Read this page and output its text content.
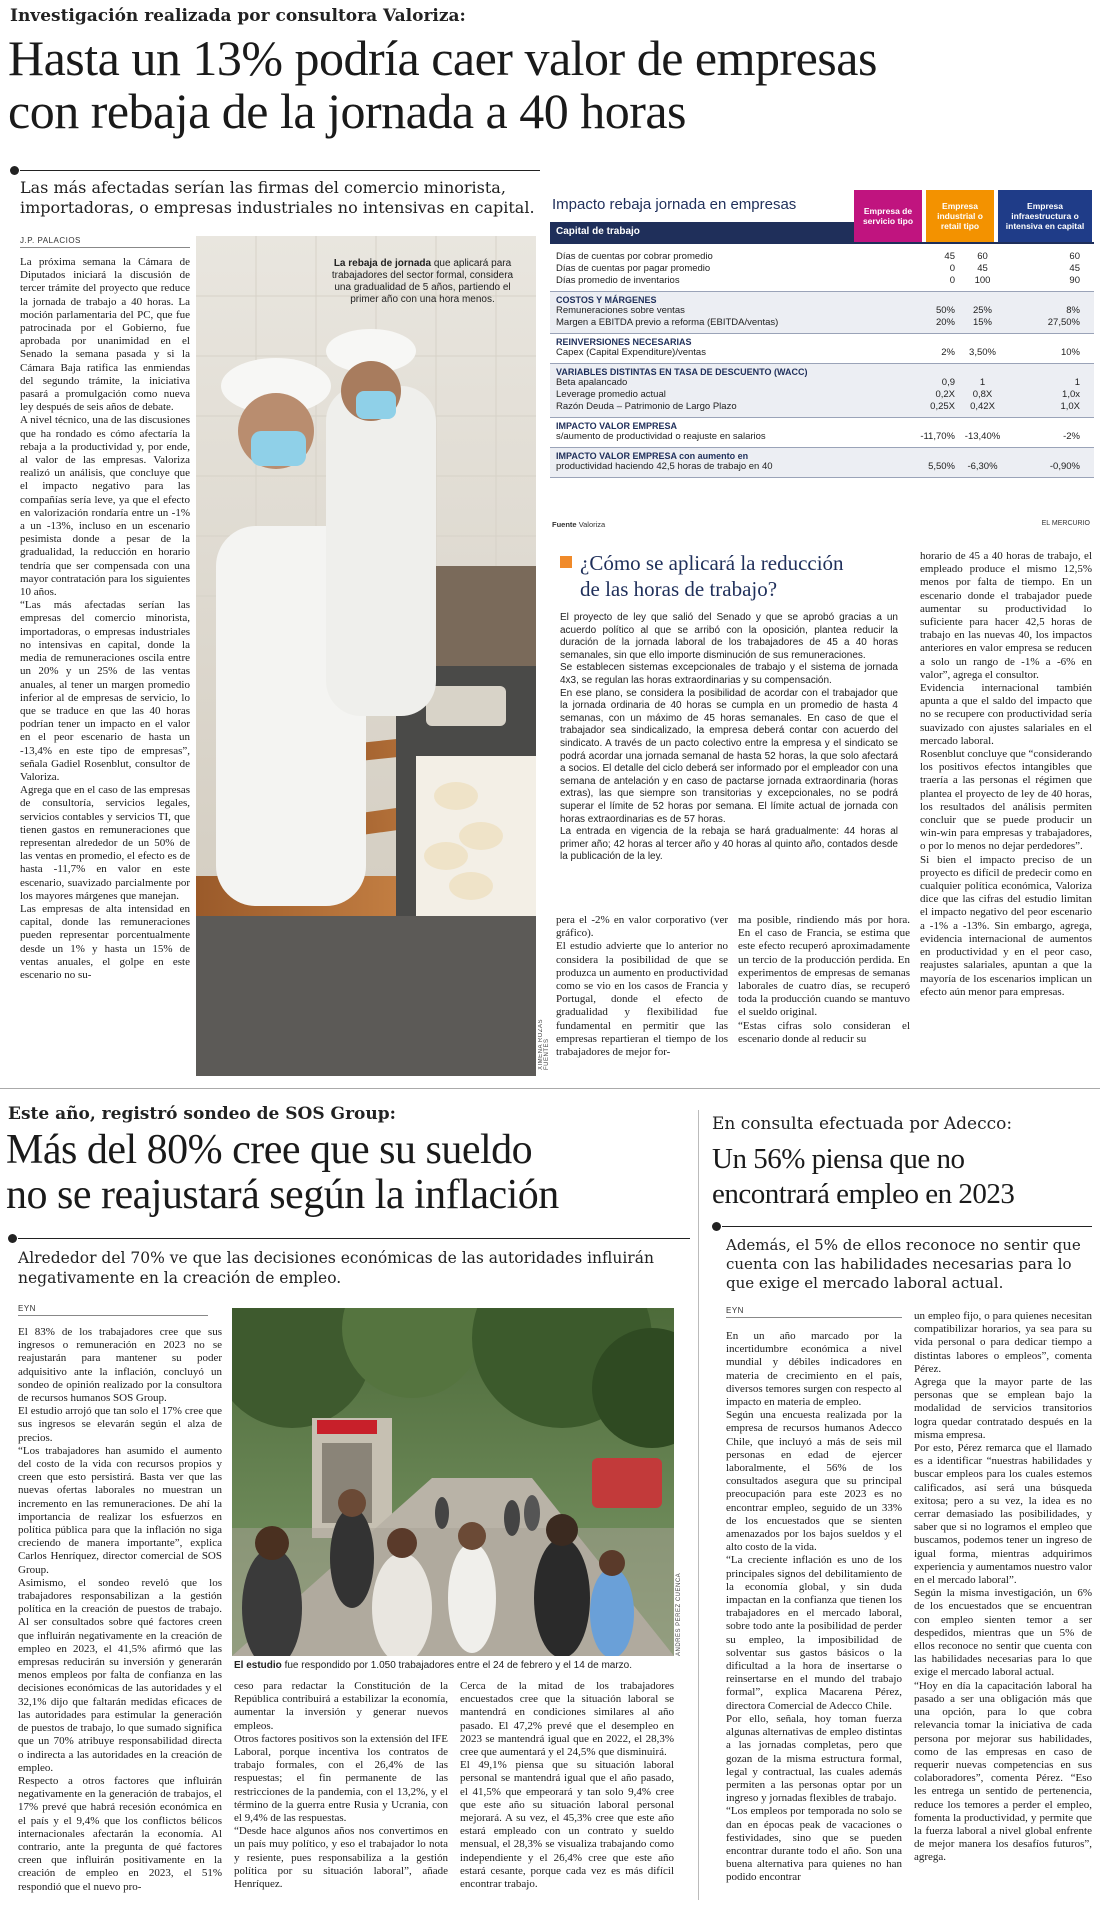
Investigación realizada por consultora Valoriza:
Hasta un 13% podría caer valor de empresas
con rebaja de la jornada a 40 horas
Las más afectadas serían las firmas del comercio minorista, importadoras, o empresas industriales no intensivas en capital.
J.P. PALACIOS
La próxima semana la Cámara de Diputados iniciará la discusión de tercer trámite del proyecto que reduce la jornada de trabajo a 40 horas. La moción parlamentaria del PC, que fue patrocinada por el Gobierno, fue aprobada por unanimidad en el Senado la semana pasada y si la Cámara Baja ratifica las enmiendas del segundo trámite, la iniciativa pasará a promulgación como nueva ley después de seis años de debate.
A nivel técnico, una de las discusiones que ha rondado es cómo afectaría la rebaja a la productividad y, por ende, al valor de las empresas. Valoriza realizó un análisis, que concluye que el impacto negativo para las compañías sería leve, ya que el efecto en valorización rondaría entre un -1% a un -13%, incluso en un escenario pesimista donde a pesar de la gradualidad, la reducción en horario tendría que ser compensada con una mayor contratación para los siguientes 10 años.
“Las más afectadas serían las empresas del comercio minorista, importadoras, o empresas industriales no intensivas en capital, donde la media de remuneraciones oscila entre un 20% y un 25% de las ventas anuales, al tener un margen promedio inferior al de empresas de servicio, lo que se traduce en que las 40 horas podrían tener un impacto en el valor en el peor escenario de hasta un -13,4% en este tipo de empresas”, señala Gadiel Rosenblut, consultor de Valoriza.
Agrega que en el caso de las empresas de consultoría, servicios legales, servicios contables y servicios TI, que tienen gastos en remuneraciones que representan alrededor de un 50% de las ventas en promedio, el efecto es de hasta -11,7% en valor en este escenario, suavizado parcialmente por los mayores márgenes que manejan.
Las empresas de alta intensidad en capital, donde las remuneraciones pueden representar porcentualmente desde un 1% y hasta un 15% de ventas anuales, el golpe en este escenario no su-
La rebaja de jornada que aplicará para trabajadores del sector formal, considera una gradualidad de 5 años, partiendo el primer año con una hora menos.
XIMENA ROZAS FUENTES
Impacto rebaja jornada en empresas	Empresa de servicio tipo
Empresa industrial o retail tipo
Empresa infraestructura o intensiva en capital
Capital de trabajo
Días de cuentas por cobrar promedio	45	60	60
Días de cuentas por pagar promedio	0	45	45
Días promedio de inventarios	0	100	90
COSTOS Y MÁRGENES
Remuneraciones sobre ventas	50%	25%	8%
Margen a EBITDA previo a reforma (EBITDA/ventas)	20%	15%	27,50%
REINVERSIONES NECESARIAS
Capex (Capital Expenditure)/ventas	2%	3,50%	10%
VARIABLES DISTINTAS EN TASA DE DESCUENTO (WACC)
Beta apalancado	0,9	1	1
Leverage promedio actual	0,2X	0,8X	1,0x
Razón Deuda – Patrimonio de Largo Plazo	0,25X	0,42X	1,0X
IMPACTO VALOR EMPRESA
s/aumento de productividad o reajuste en salarios	-11,70%	-13,40%	-2%
IMPACTO VALOR EMPRESA con aumento en
productividad haciendo 42,5 horas de trabajo en 40	5,50%	-6,30%	-0,90%
Fuente Valoriza	EL MERCURIO
¿Cómo se aplicará la reducción
de las horas de trabajo?
El proyecto de ley que salió del Senado y que se aprobó gracias a un acuerdo político al que se arribó con la oposición, plantea reducir la duración de la jornada laboral de los trabajadores de 45 a 40 horas semanales, sin que ello importe disminución de sus remuneraciones.
Se establecen sistemas excepcionales de trabajo y el sistema de jornada 4x3, se regulan las horas extraordinarias y su compensación.
En ese plano, se considera la posibilidad de acordar con el trabajador que la jornada ordinaria de 40 horas se cumpla en un promedio de hasta 4 semanas, con un máximo de 45 horas semanales. En caso de que el trabajador sea sindicalizado, la empresa deberá contar con acuerdo del sindicato. A través de un pacto colectivo entre la empresa y el sindicato se podrá acordar una jornada semanal de hasta 52 horas, la que solo afectará a socios. El detalle del ciclo deberá ser informado por el empleador con una semana de antelación y en caso de pactarse jornada extraordinaria (horas extras), las que siempre son transitorias y excepcionales, no se podrá superar el límite de 52 horas por semana. El límite actual de jornada con horas extraordinarias es de 57 horas.
La entrada en vigencia de la rebaja se hará gradualmente: 44 horas al primer año; 42 horas al tercer año y 40 horas al quinto año, contados desde la publicación de la ley.
pera el -2% en valor corporativo (ver gráfico).
El estudio advierte que lo anterior no considera la posibilidad de que se produzca un aumento en productividad como se vio en los casos de Francia y Portugal, donde el efecto de gradualidad y flexibilidad fue fundamental en permitir que las empresas repartieran el tiempo de los trabajadores de mejor for-
ma posible, rindiendo más por hora. En el caso de Francia, se estima que este efecto recuperó aproximadamente un tercio de la producción perdida. En experimentos de empresas de semanas laborales de cuatro días, se recuperó toda la producción cuando se mantuvo el sueldo original.
“Estas cifras solo consideran el escenario donde al reducir su
horario de 45 a 40 horas de trabajo, el empleado produce el mismo 12,5% menos por falta de tiempo. En un escenario donde el trabajador puede aumentar su productividad lo suficiente para hacer 42,5 horas de trabajo en las nuevas 40, los impactos anteriores en valor empresa se reducen a solo un rango de -1% a -6% en valor”, agrega el consultor.
Evidencia internacional también apunta a que el saldo del impacto que no se recupere con productividad sería suavizado con ajustes salariales en el mercado laboral.
Rosenblut concluye que “considerando los positivos efectos intangibles que traería a las personas el régimen que plantea el proyecto de ley de 40 horas, los resultados del análisis permiten concluir que se puede producir un win-win para empresas y trabajadores, o por lo menos no dejar perdedores”.
Si bien el impacto preciso de un proyecto es difícil de predecir como en cualquier política económica, Valoriza dice que las cifras del estudio limitan el impacto negativo del peor escenario a -1% a -13%. Sin embargo, agrega, evidencia internacional de aumentos en productividad y en el peor caso, reajustes salariales, apuntan a que la mayoría de los escenarios implican un efecto aún menor para empresas.
Este año, registró sondeo de SOS Group:
Más del 80% cree que su sueldo
no se reajustará según la inflación
Alrededor del 70% ve que las decisiones económicas de las autoridades influirán negativamente en la creación de empleo.
EYN
El 83% de los trabajadores cree que sus ingresos o remuneración en 2023 no se reajustarán para mantener su poder adquisitivo ante la inflación, concluyó un sondeo de opinión realizado por la consultora de recursos humanos SOS Group.
El estudio arrojó que tan solo el 17% cree que sus ingresos se elevarán según el alza de precios.
“Los trabajadores han asumido el aumento del costo de la vida con recursos propios y creen que esto persistirá. Basta ver que las nuevas ofertas laborales no muestran un incremento en las remuneraciones. De ahí la importancia de realizar los esfuerzos en política pública para que la inflación no siga creciendo de manera importante”, explica Carlos Henríquez, director comercial de SOS Group.
Asimismo, el sondeo reveló que los trabajadores responsabilizan a la gestión política en la creación de puestos de trabajo. Al ser consultados sobre qué factores creen que influirán negativamente en la creación de empleo en 2023, el 41,5% afirmó que las empresas reducirán su inversión y generarán menos empleos por falta de confianza en las decisiones económicas de las autoridades y el 32,1% dijo que faltarán medidas eficaces de las autoridades para estimular la generación de puestos de trabajo, lo que sumado significa que un 70% atribuye responsabilidad directa o indirecta a las autoridades en la creación de empleo.
Respecto a otros factores que influirán negativamente en la generación de trabajos, el 17% prevé que habrá recesión económica en el país y el 9,4% que los conflictos bélicos internacionales afectarán la economía. Al contrario, ante la pregunta de qué factores creen que influirán positivamente en la creación de empleo en 2023, el 51% respondió que el nuevo pro-
El estudio fue respondido por 1.050 trabajadores entre el 24 de febrero y el 14 de marzo.
ANDRÉS PÉREZ CUENCA
ceso para redactar la Constitución de la República contribuirá a estabilizar la economía, aumentar la inversión y generar nuevos empleos.
Otros factores positivos son la extensión del IFE Laboral, porque incentiva los contratos de trabajo formales, con el 26,4% de las respuestas; el fin permanente de las restricciones de la pandemia, con el 13,2%, y el término de la guerra entre Rusia y Ucrania, con el 9,4% de las respuestas.
“Desde hace algunos años nos convertimos en un país muy político, y eso el trabajador lo nota y resiente, pues responsabiliza a la gestión política por su situación laboral”, añade Henríquez.
Cerca de la mitad de los trabajadores encuestados cree que la situación laboral se mantendrá en condiciones similares al año pasado. El 47,2% prevé que el desempleo en 2023 se mantendrá igual que en 2022, el 28,3% cree que aumentará y el 24,5% que disminuirá.
El 49,1% piensa que su situación laboral personal se mantendrá igual que el año pasado, el 41,5% que empeorará y tan solo 9,4% cree que este año su situación laboral personal mejorará. A su vez, el 45,3% cree que este año estará empleado con un contrato y sueldo mensual, el 28,3% se visualiza trabajando como independiente y el 26,4% cree que este año estará cesante, porque cada vez es más difícil encontrar trabajo.
En consulta efectuada por Adecco:
Un 56% piensa que no
encontrará empleo en 2023
Además, el 5% de ellos reconoce no sentir que cuenta con las habilidades necesarias para lo que exige el mercado laboral actual.
EYN
En un año marcado por la incertidumbre económica a nivel mundial y débiles indicadores en materia de crecimiento en el país, diversos temores surgen con respecto al impacto en materia de empleo.
Según una encuesta realizada por la empresa de recursos humanos Adecco Chile, que incluyó a más de seis mil personas en edad de ejercer laboralmente, el 56% de los consultados asegura que su principal preocupación para este 2023 es no encontrar empleo, seguido de un 33% de los encuestados que se sienten amenazados por los bajos sueldos y el alto costo de la vida.
“La creciente inflación es uno de los principales signos del debilitamiento de la economía global, y sin duda impactan en la confianza que tienen los trabajadores en el mercado laboral, sobre todo ante la posibilidad de perder su empleo, la imposibilidad de solventar sus gastos básicos o la dificultad a la hora de insertarse o reinsertarse en el mundo del trabajo formal”, explica Macarena Pérez, directora Comercial de Adecco Chile.
Por ello, señala, hoy toman fuerza algunas alternativas de empleo distintas a las jornadas completas, pero que gozan de la misma estructura formal, legal y contractual, las cuales además permiten a las personas optar por un ingreso y jornadas flexibles de trabajo.
“Los empleos por temporada no solo se dan en épocas peak de vacaciones o festividades, sino que se pueden encontrar durante todo el año. Son una buena alternativa para quienes no han podido encontrar
un empleo fijo, o para quienes necesitan compatibilizar horarios, ya sea para su vida personal o para dedicar tiempo a distintas labores o empleos”, comenta Pérez.
Agrega que la mayor parte de las personas que se emplean bajo la modalidad de servicios transitorios logra quedar contratado después en la misma empresa.
Por esto, Pérez remarca que el llamado es a identificar “nuestras habilidades y buscar empleos para los cuales estemos calificados, así será una búsqueda exitosa; pero a su vez, la idea es no cerrar demasiado las posibilidades, y saber que si no logramos el empleo que buscamos, podemos tener un ingreso de igual forma, mientras adquirimos experiencia y aumentamos nuestro valor en el mercado laboral”.
Según la misma investigación, un 6% de los encuestados que se encuentran con empleo sienten temor a ser despedidos, mientras que un 5% de ellos reconoce no sentir que cuenta con las habilidades necesarias para lo que exige el mercado laboral actual.
“Hoy en día la capacitación laboral ha pasado a ser una obligación más que una opción, para lo que cobra relevancia tomar la iniciativa de cada persona por mejorar sus habilidades, como de las empresas en caso de requerir nuevas competencias en sus colaboradores”, comenta Pérez. “Eso les entrega un sentido de pertenencia, reduce los temores a perder el empleo, fomenta la productividad, y permite que la fuerza laboral a nivel global enfrente de mejor manera los desafíos futuros”, agrega.
